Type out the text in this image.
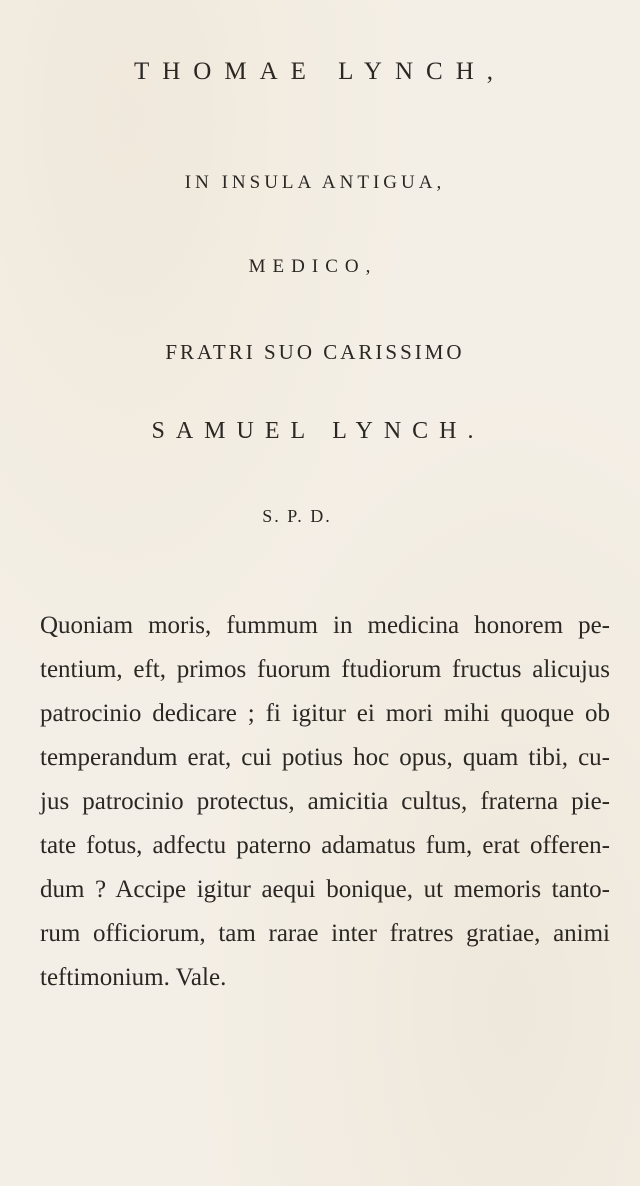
THOMAE LYNCH,
IN INSULA ANTIGUA,
MEDICO,
FRATRI SUO CARISSIMO
SAMUEL LYNCH.
S. P. D.
Quoniam moris, fummum in medicina honorem pe-
tentium, eft, primos fuorum ftudiorum fructus alicujus
patrocinio dedicare ; fi igitur ei mori mihi quoque ob
temperandum erat, cui potius hoc opus, quam tibi, cu-
jus patrocinio protectus, amicitia cultus, fraterna pie-
tate fotus, adfectu paterno adamatus fum, erat offeren-
dum ? Accipe igitur aequi bonique, ut memoris tanto-
rum officiorum, tam rarae inter fratres gratiae, animi
teftimonium. Vale.
